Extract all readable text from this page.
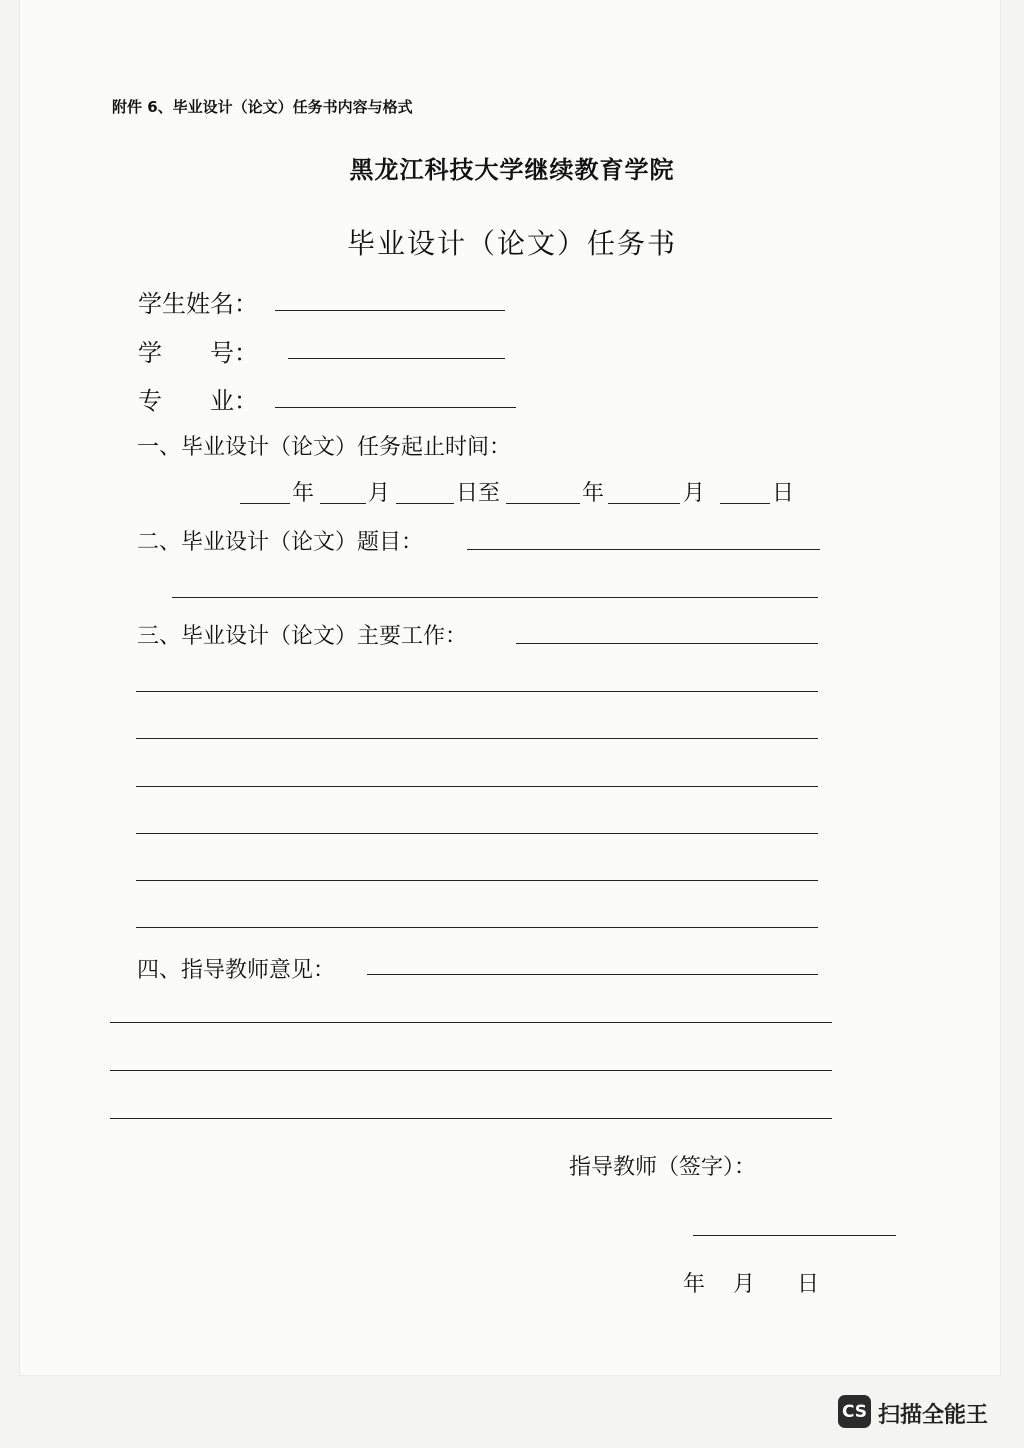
附件 6、毕业设计（论文）任务书内容与格式
黑龙江科技大学继续教育学院
毕业设计（论文）任务书
学生姓名：
学　　号：
专　　业：
一、毕业设计（论文）任务起止时间：
年 月	日至	年	月	日
二、毕业设计（论文）题目：
三、毕业设计（论文）主要工作：
四、指导教师意见：
指导教师（签字）：
年 月 日
CS 扫描全能王
